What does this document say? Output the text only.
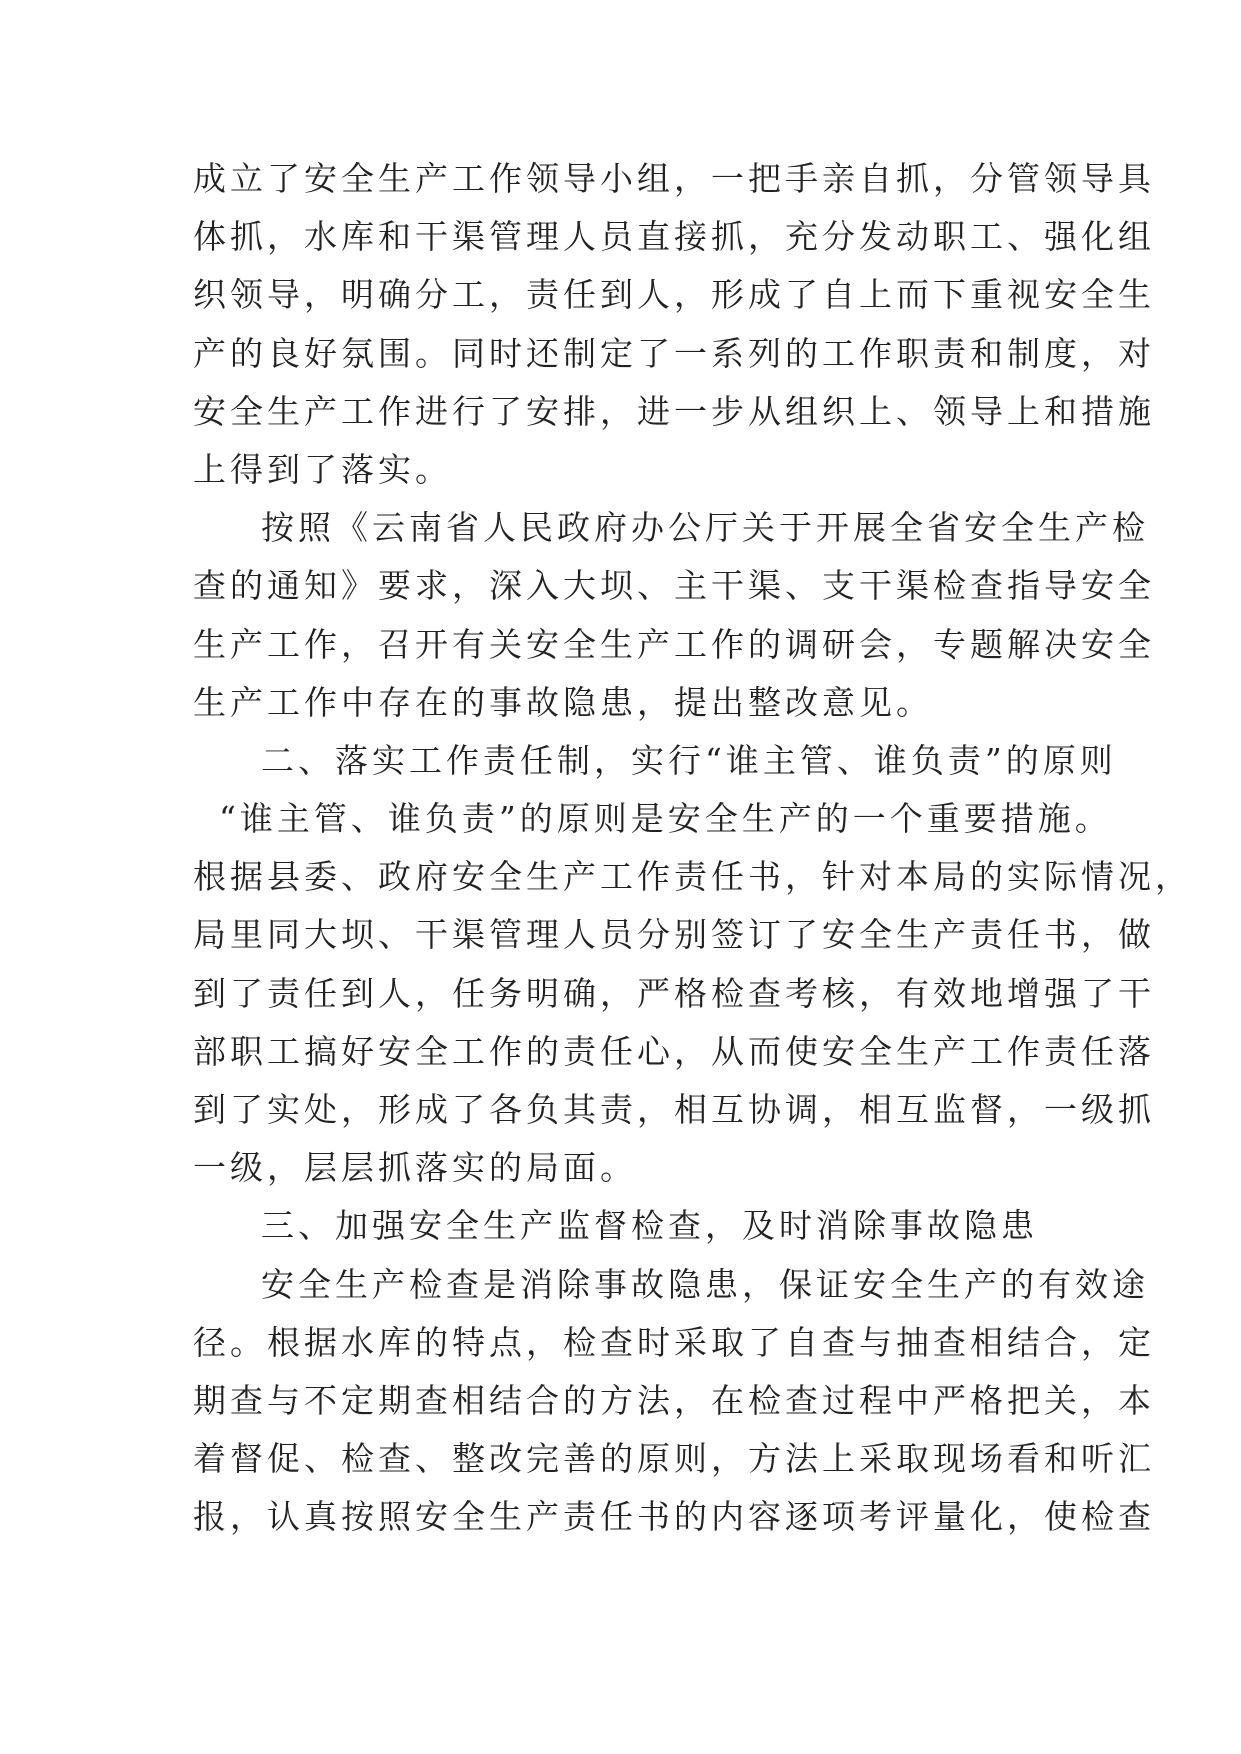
成立了安全生产工作领导小组，一把手亲自抓，分管领导具
体抓，水库和干渠管理人员直接抓，充分发动职工、强化组
织领导，明确分工，责任到人，形成了自上而下重视安全生
产的良好氛围。同时还制定了一系列的工作职责和制度，对
安全生产工作进行了安排，进一步从组织上、领导上和措施
上得到了落实。
按照《云南省人民政府办公厅关于开展全省安全生产检
查的通知》要求，深入大坝、主干渠、支干渠检查指导安全
生产工作，召开有关安全生产工作的调研会，专题解决安全
生产工作中存在的事故隐患，提出整改意见。
二、落实工作责任制，实行“谁主管、谁负责”的原则
“谁主管、谁负责”的原则是安全生产的一个重要措施。
根据县委、政府安全生产工作责任书，针对本局的实际情况，
局里同大坝、干渠管理人员分别签订了安全生产责任书，做
到了责任到人，任务明确，严格检查考核，有效地增强了干
部职工搞好安全工作的责任心，从而使安全生产工作责任落
到了实处，形成了各负其责，相互协调，相互监督，一级抓
一级，层层抓落实的局面。
三、加强安全生产监督检查，及时消除事故隐患
安全生产检查是消除事故隐患，保证安全生产的有效途
径。根据水库的特点，检查时采取了自查与抽查相结合，定
期查与不定期查相结合的方法，在检查过程中严格把关，本
着督促、检查、整改完善的原则，方法上采取现场看和听汇
报，认真按照安全生产责任书的内容逐项考评量化，使检查
